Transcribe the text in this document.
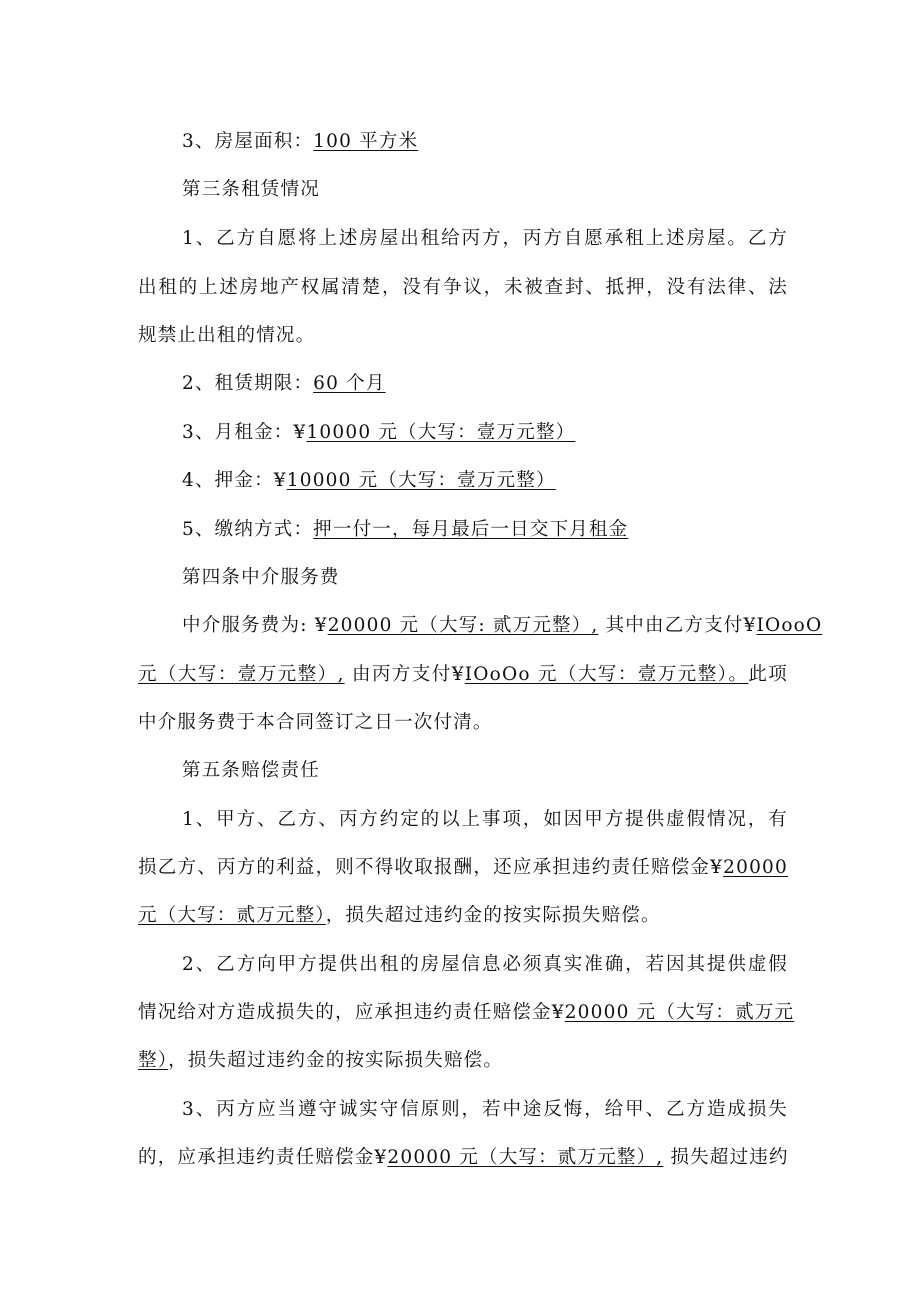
3、房屋面积：100 平方米
第三条租赁情况
1、乙方自愿将上述房屋出租给丙方，丙方自愿承租上述房屋。乙方
出租的上述房地产权属清楚，没有争议，未被查封、抵押，没有法律、法
规禁止出租的情况。
2、租赁期限：60 个月
3、月租金：¥10000 元（大写：壹万元整）
4、押金：¥10000 元（大写：壹万元整）
5、缴纳方式：押一付一，每月最后一日交下月租金
第四条中介服务费
中介服务费为: ¥20000 元（大写: 贰万元整）, 其中由乙方支付¥IOooO
元（大写：壹万元整）, 由丙方支付¥IOoOo 元（大写：壹万元整）。此项
中介服务费于本合同签订之日一次付清。
第五条赔偿责任
1、甲方、乙方、丙方约定的以上事项，如因甲方提供虚假情况，有
损乙方、丙方的利益，则不得收取报酬，还应承担违约责任赔偿金¥20000
元（大写：贰万元整），损失超过违约金的按实际损失赔偿。
2、乙方向甲方提供出租的房屋信息必须真实准确，若因其提供虚假
情况给对方造成损失的，应承担违约责任赔偿金¥20000 元（大写：贰万元
整），损失超过违约金的按实际损失赔偿。
3、丙方应当遵守诚实守信原则，若中途反悔，给甲、乙方造成损失
的，应承担违约责任赔偿金¥20000 元（大写：贰万元整）, 损失超过违约
